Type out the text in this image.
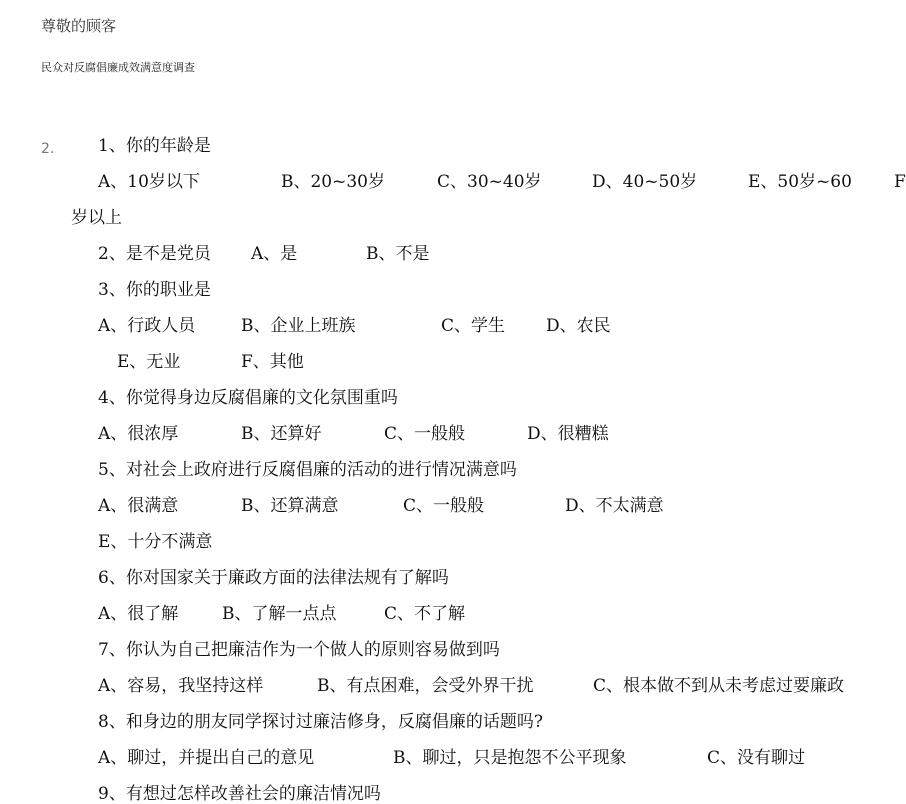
尊敬的顾客
民众对反腐倡廉成效满意度调查
2.	1、你的年龄是
A、10岁以下	B、20~30岁	C、30~40岁	D、40~50岁	E、50岁~60 F
岁以上
2、是不是党员 A、是	B、不是
3、你的职业是
A、行政人员	B、企业上班族	C、学生 D、农民
E、无业	F、其他
4、你觉得身边反腐倡廉的文化氛围重吗
A、很浓厚	B、还算好	C、一般般	D、很糟糕
5、对社会上政府进行反腐倡廉的活动的进行情况满意吗
A、很满意	B、还算满意	C、一般般	D、不太满意
E、十分不满意
6、你对国家关于廉政方面的法律法规有了解吗
A、很了解	B、了解一点点	C、不了解
7、你认为自己把廉洁作为一个做人的原则容易做到吗
A、容易，我坚持这样	B、有点困难，会受外界干扰	C、根本做不到从未考虑过要廉政
8、和身边的朋友同学探讨过廉洁修身，反腐倡廉的话题吗?
A、聊过，并提出自己的意见	B、聊过，只是抱怨不公平现象	C、没有聊过
9、有想过怎样改善社会的廉洁情况吗
